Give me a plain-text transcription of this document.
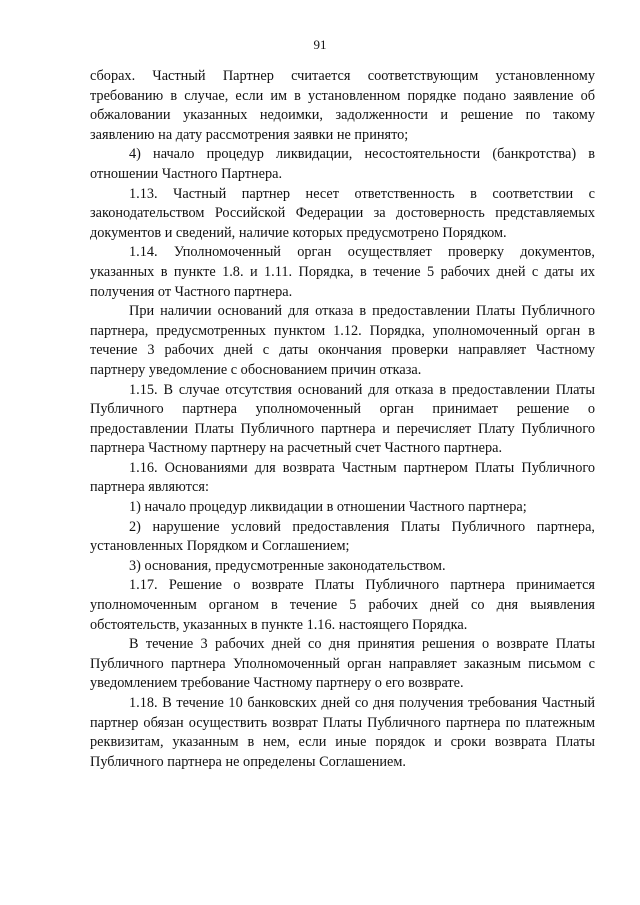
91

сборах. Частный Партнер считается соответствующим установленному требованию в случае, если им в установленном порядке подано заявление об обжаловании указанных недоимки, задолженности и решение по такому заявлению на дату рассмотрения заявки не принято;

4) начало процедур ликвидации, несостоятельности (банкротства) в отношении Частного Партнера.

1.13. Частный партнер несет ответственность в соответствии с законодательством Российской Федерации за достоверность представляемых документов и сведений, наличие которых предусмотрено Порядком.

1.14. Уполномоченный орган осуществляет проверку документов, указанных в пункте 1.8. и 1.11. Порядка, в течение 5 рабочих дней с даты их получения от Частного партнера.

При наличии оснований для отказа в предоставлении Платы Публичного партнера, предусмотренных пунктом 1.12. Порядка, уполномоченный орган в течение 3 рабочих дней с даты окончания проверки направляет Частному партнеру уведомление с обоснованием причин отказа.

1.15. В случае отсутствия оснований для отказа в предоставлении Платы Публичного партнера уполномоченный орган принимает решение о предоставлении Платы Публичного партнера и перечисляет Плату Публичного партнера Частному партнеру на расчетный счет Частного партнера.

1.16. Основаниями для возврата Частным партнером Платы Публичного партнера являются:

1) начало процедур ликвидации в отношении Частного партнера;

2) нарушение условий предоставления Платы Публичного партнера, установленных Порядком и Соглашением;

3) основания, предусмотренные законодательством.

1.17. Решение о возврате Платы Публичного партнера принимается уполномоченным органом в течение 5 рабочих дней со дня выявления обстоятельств, указанных в пункте 1.16. настоящего Порядка.

В течение 3 рабочих дней со дня принятия решения о возврате Платы Публичного партнера Уполномоченный орган направляет заказным письмом с уведомлением требование Частному партнеру о его возврате.

1.18. В течение 10 банковских дней со дня получения требования Частный партнер обязан осуществить возврат Платы Публичного партнера по платежным реквизитам, указанным в нем, если иные порядок и сроки возврата Платы Публичного партнера не определены Соглашением.
